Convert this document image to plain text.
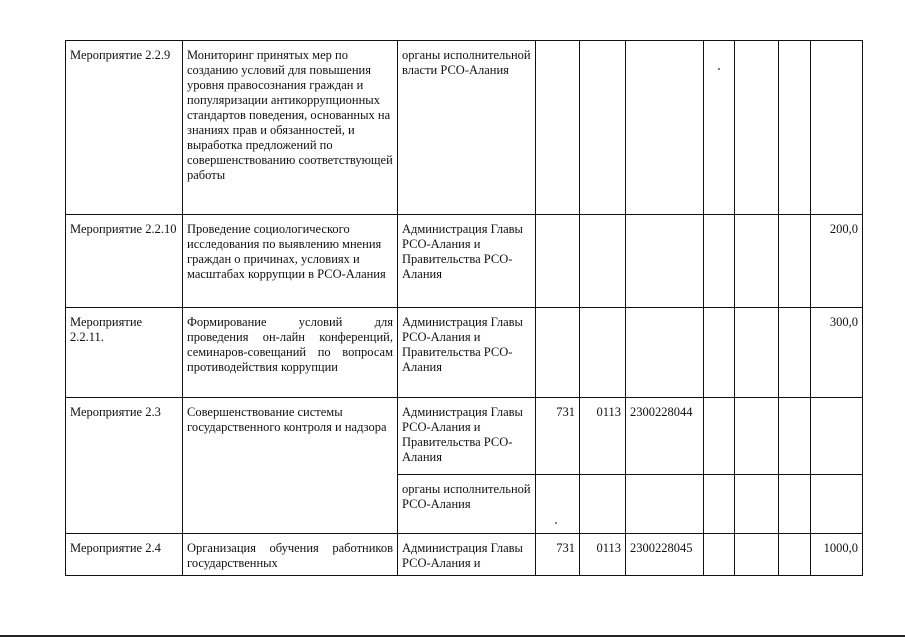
Мероприятие 2.2.9	Мониторинг принятых мер по созданию условий для повышения уровня правосознания граждан и популяризации антикоррупционных стандартов поведения, основанных на знаниях прав и обязанностей, и выработка предложений по совершенствованию соответствующей работы	органы исполнительной власти РСО-Алания							
Мероприятие 2.2.10	Проведение социологического исследования по выявлению мнения граждан о причинах, условиях и масштабах коррупции в РСО-Алания	Администрация Главы РСО-Алания и Правительства РСО-Алания							200,0
Мероприятие 2.2.11.	Формирование условий для проведения он-лайн конференций, семинаров-совещаний по вопросам противодействия коррупции	Администрация Главы РСО-Алания и Правительства РСО-Алания							300,0
Мероприятие 2.3	Совершенствование системы государственного контроля и надзора	Администрация Главы РСО-Алания и Правительства РСО-Алания	731	0113	2300228044				
		органы исполнительной РСО-Алания							
Мероприятие 2.4	Организация обучения работников государственных	Администрация Главы РСО-Алания и	731	0113	2300228045				1000,0
